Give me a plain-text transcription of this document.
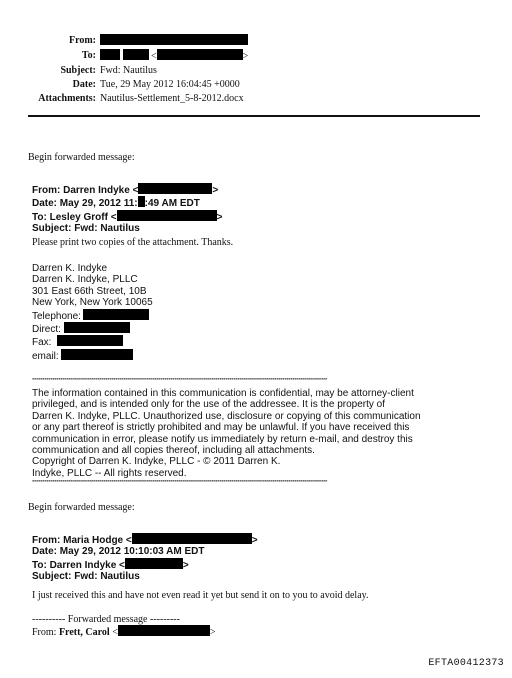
From:
To:	<	>
Subject: Fwd: Nautilus
Date: Tue, 29 May 2012 16:04:45 +0000
Attachments: Nautilus-Settlement_5-8-2012.docx
Begin forwarded message:
From: Darren Indyke <	>
Date: May 29, 2012 11: :49 AM EDT
To: Lesley Groff <	>
Subject: Fwd: Nautilus
Please print two copies of the attachment. Thanks.
Darren K. Indyke
Darren K. Indyke, PLLC
301 East 66th Street, 10B
New York, New York 10065
Telephone:
Direct:
Fax:
email:
*************************************************************************************************************************************************
The information contained in this communication is confidential, may be attorney-client
privileged, and is intended only for the use of the addressee. It is the property of
Darren K. Indyke, PLLC. Unauthorized use, disclosure or copying of this communication
or any part thereof is strictly prohibited and may be unlawful. If you have received this
communication in error, please notify us immediately by return e-mail, and destroy this
communication and all copies thereof, including all attachments.
Copyright of Darren K. Indyke, PLLC - © 2011 Darren K.
Indyke, PLLC -- All rights reserved.
*************************************************************************************************************************************************
Begin forwarded message:
From: Maria Hodge <	>
Date: May 29, 2012 10:10:03 AM EDT
To: Darren Indyke <	>
Subject: Fwd: Nautilus
I just received this and have not even read it yet but send it on to you to avoid delay.
---------- Forwarded message ---------
From: Frett, Carol <	>
EFTA00412373
